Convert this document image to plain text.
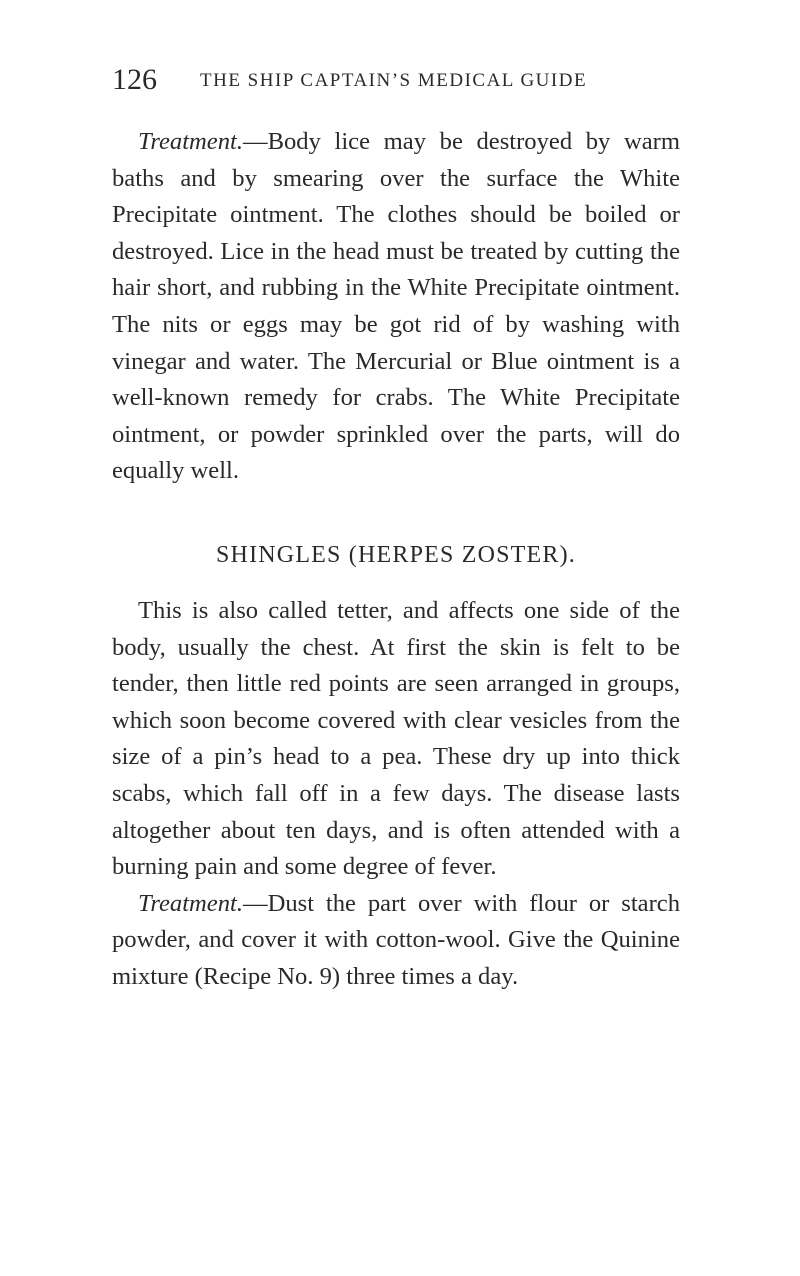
126 THE SHIP CAPTAIN’S MEDICAL GUIDE

Treatment.—Body lice may be destroyed by warm baths and by smearing over the surface the White Precipitate ointment. The clothes should be boiled or destroyed. Lice in the head must be treated by cutting the hair short, and rubbing in the White Precipitate ointment. The nits or eggs may be got rid of by washing with vinegar and water. The Mercurial or Blue ointment is a well-known remedy for crabs. The White Precipitate ointment, or powder sprinkled over the parts, will do equally well.

SHINGLES (HERPES ZOSTER).

This is also called tetter, and affects one side of the body, usually the chest. At first the skin is felt to be tender, then little red points are seen arranged in groups, which soon become covered with clear vesicles from the size of a pin’s head to a pea. These dry up into thick scabs, which fall off in a few days. The disease lasts altogether about ten days, and is often attended with a burning pain and some degree of fever.

Treatment.—Dust the part over with flour or starch powder, and cover it with cotton-wool. Give the Quinine mixture (Recipe No. 9) three times a day.
